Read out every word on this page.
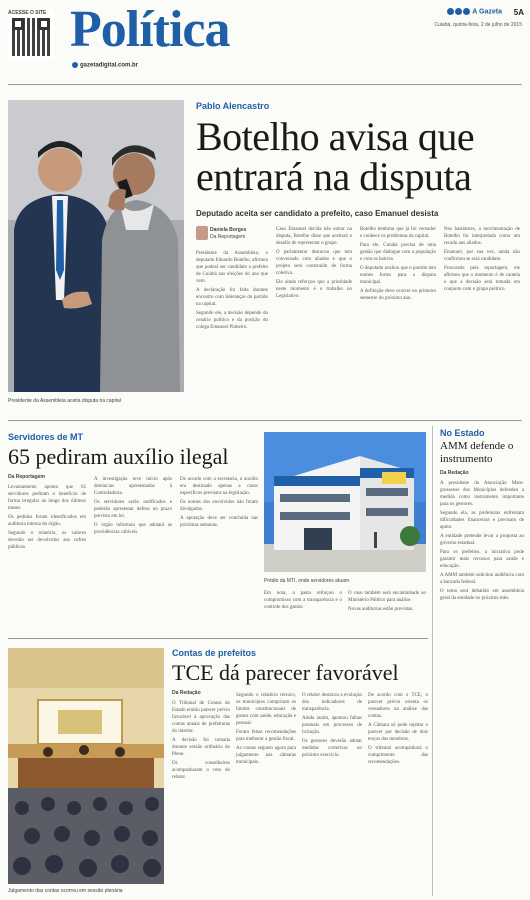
ACESSE O SITE Política
gazetadigital.com.br
A Gazeta 5A
Cuiabá, quinta-feira, 2 de julho de 2015
Presidente da Assembleia aceita disputa na capital
Pablo Alencastro
Botelho avisa que entrará na disputa
Deputado aceita ser candidato a prefeito, caso Emanuel desista
Daniela Borges
Da Reportagem

Presidente da Assembleia, o deputado Eduardo Botelho, afirmou que poderá ser candidato a prefeito de Cuiabá nas eleições do ano que vem.

A declaração foi feita durante encontro com lideranças do partido na capital.

Segundo ele, a decisão depende do cenário político e da posição do colega Emanuel Pinheiro.

Caso Emanuel decida não entrar na disputa, Botelho disse que aceitará o desafio de representar o grupo.

O parlamentar destacou que tem conversado com aliados e que o projeto será construído de forma coletiva.

Ele ainda reforçou que a prioridade neste momento é o trabalho no Legislativo.

Botelho lembrou que já foi vereador e conhece os problemas da capital.

Para ele, Cuiabá precisa de uma gestão que dialogue com a população e com os bairros.

O deputado avaliou que o partido tem nomes fortes para a disputa municipal.

A definição deve ocorrer no primeiro semestre do próximo ano.

Nos bastidores, a movimentação de Botelho foi interpretada como um recado aos aliados.

Emanuel, por sua vez, ainda não confirmou se será candidato.

Procurado pela reportagem, ele afirmou que o momento é de cautela e que a decisão será tomada em conjunto com o grupo político.

Servidores de MT
65 pediram auxílio ilegal
Da Reportagem

Levantamento aponta que 65 servidores pediram o benefício de forma irregular ao longo dos últimos meses.

Os pedidos foram identificados em auditoria interna do órgão.

Segundo o relatório, os valores deverão ser devolvidos aos cofres públicos.

A investigação teve início após denúncias apresentadas à Controladoria.

Os servidores serão notificados e poderão apresentar defesa no prazo previsto em lei.

O órgão informou que adotará as providências cabíveis.

De acordo com a secretaria, o auxílio era destinado apenas a casos específicos previstos na legislação.

Os nomes dos envolvidos não foram divulgados.

A apuração deve ser concluída nas próximas semanas.

Prédio da MTI, onde servidores atuam

Em nota, a pasta reforçou o compromisso com a transparência e o controle dos gastos.

O caso também será encaminhado ao Ministério Público para análise.

Novas auditorias estão previstas.

No Estado
AMM defende o instrumento
Da Redação

A presidente da Associação Mato-grossense dos Municípios defendeu a medida como instrumento importante para os gestores.

Segundo ela, as prefeituras enfrentam dificuldades financeiras e precisam de apoio.

A entidade pretende levar a proposta ao governo estadual.

Para os prefeitos, a iniciativa pode garantir mais recursos para saúde e educação.

A AMM também solicitou audiência com a bancada federal.

O tema será debatido em assembleia geral da entidade no próximo mês.

Julgamento das contas ocorreu em sessão plenária
Contas de prefeitos
TCE dá parecer favorável
Da Redação

O Tribunal de Contas do Estado emitiu parecer prévio favorável à aprovação das contas anuais de prefeituras do interior.

A decisão foi tomada durante sessão ordinária do Pleno.

Os conselheiros acompanharam o voto do relator.

Segundo o relatório técnico, os municípios cumpriram os limites constitucionais de gastos com saúde, educação e pessoal.

Foram feitas recomendações para melhorar a gestão fiscal.

As contas seguem agora para julgamento nas câmaras municipais.

O relator destacou a evolução dos indicadores de transparência.

Ainda assim, apontou falhas pontuais em processos de licitação.

Os gestores deverão adotar medidas corretivas no próximo exercício.

De acordo com o TCE, o parecer prévio orienta os vereadores na análise das contas.

A Câmara só pode rejeitar o parecer por decisão de dois terços dos membros.

O tribunal acompanhará o cumprimento das recomendações.
